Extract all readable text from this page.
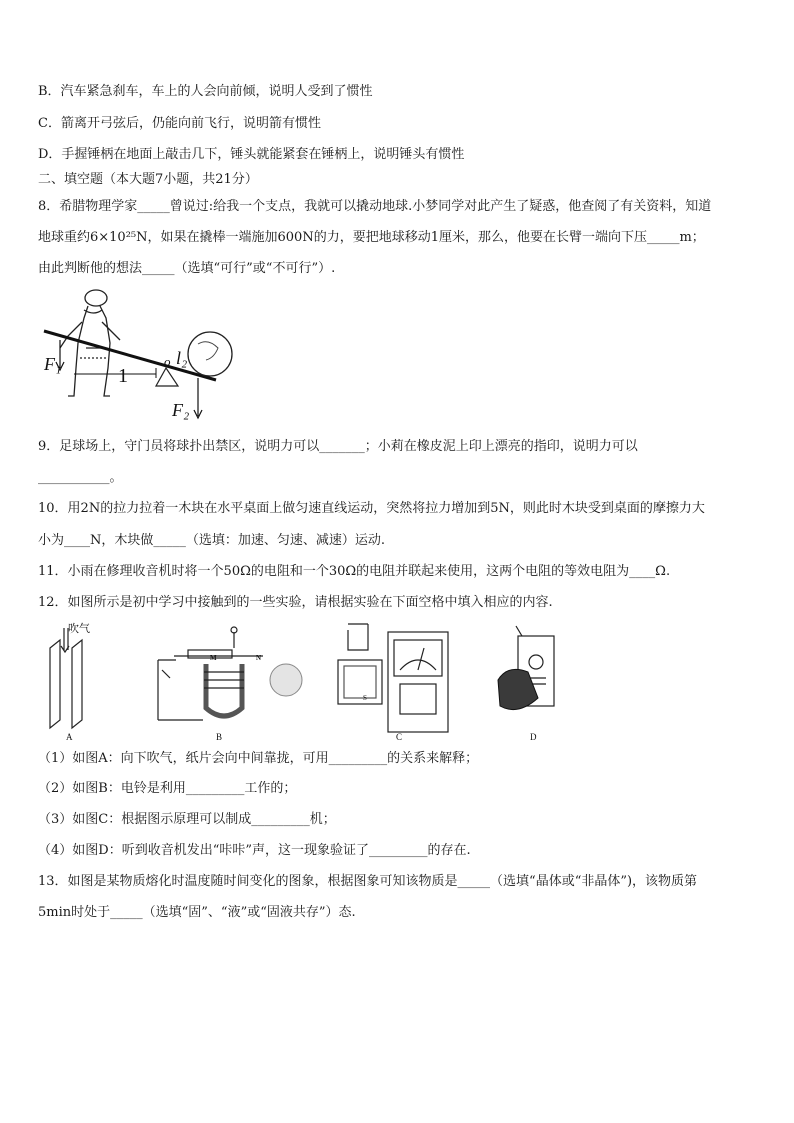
B．汽车紧急刹车，车上的人会向前倾，说明人受到了惯性
C．箭离开弓弦后，仍能向前飞行，说明箭有惯性
D．手握锤柄在地面上敲击几下，锤头就能紧套在锤柄上，说明锤头有惯性
二、填空题（本大题7小题，共21分）
8．希腊物理学家_____曾说过:给我一个支点，我就可以撬动地球.小梦同学对此产生了疑惑，他查阅了有关资料，知道
地球重约6×10²⁵N，如果在撬棒一端施加600N的力，要把地球移动1厘米，那么，他要在长臂一端向下压_____m；
由此判断他的想法_____（选填“可行”或“不可行”）.
F₁
1
o l₂
F₂
9．足球场上，守门员将球扑出禁区，说明力可以_______；小莉在橡皮泥上印上漂亮的指印，说明力可以
___________。
10．用2N的拉力拉着一木块在水平桌面上做匀速直线运动，突然将拉力增加到5N，则此时木块受到桌面的摩擦力大
小为____N，木块做_____（选填：加速、匀速、减速）运动.
11．小雨在修理收音机时将一个50Ω的电阻和一个30Ω的电阻并联起来使用，这两个电阻的等效电阻为____Ω.
12．如图所示是初中学习中接触到的一些实验，请根据实验在下面空格中填入相应的内容.
吹气
A
M	N
B
S
C	D
（1）如图A：向下吹气，纸片会向中间靠拢，可用_________的关系来解释；
（2）如图B：电铃是利用_________工作的；
（3）如图C：根据图示原理可以制成_________机；
（4）如图D：听到收音机发出“咔咔”声，这一现象验证了_________的存在.
13．如图是某物质熔化时温度随时间变化的图象，根据图象可知该物质是_____（选填“晶体或“非晶体”)，该物质第
5min时处于_____（选填“固”、“液”或“固液共存”）态.
